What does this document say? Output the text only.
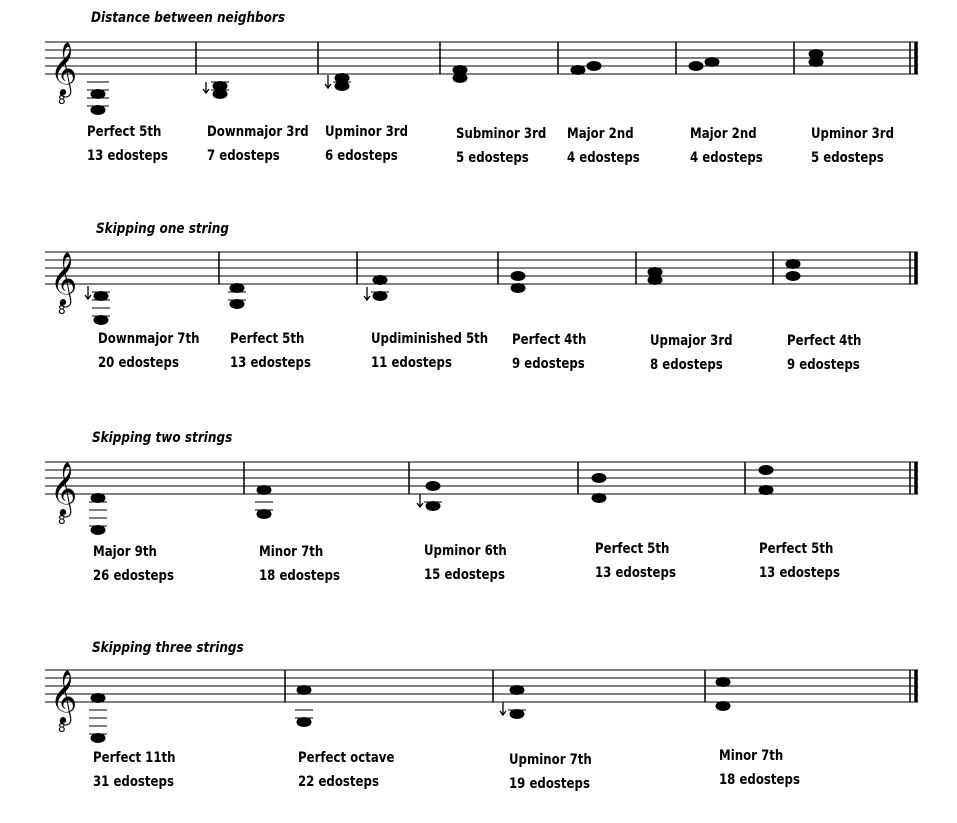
Distance between neighbors
𝄞
8
Perfect 5th
13 edosteps
Downmajor 3rd
7 edosteps
Upminor 3rd
6 edosteps
Subminor 3rd
5 edosteps
Major 2nd
4 edosteps
Major 2nd
4 edosteps
Upminor 3rd
5 edosteps
Skipping one string
𝄞
8
Downmajor 7th
20 edosteps
Perfect 5th
13 edosteps
Updiminished 5th
11 edosteps
Perfect 4th
9 edosteps
Upmajor 3rd
8 edosteps
Perfect 4th
9 edosteps
Skipping two strings
𝄞
8
Major 9th
26 edosteps
Minor 7th
18 edosteps
Upminor 6th
15 edosteps
Perfect 5th
13 edosteps
Perfect 5th
13 edosteps
Skipping three strings
𝄞
8
Perfect 11th
31 edosteps
Perfect octave
22 edosteps
Upminor 7th
19 edosteps
Minor 7th
18 edosteps
